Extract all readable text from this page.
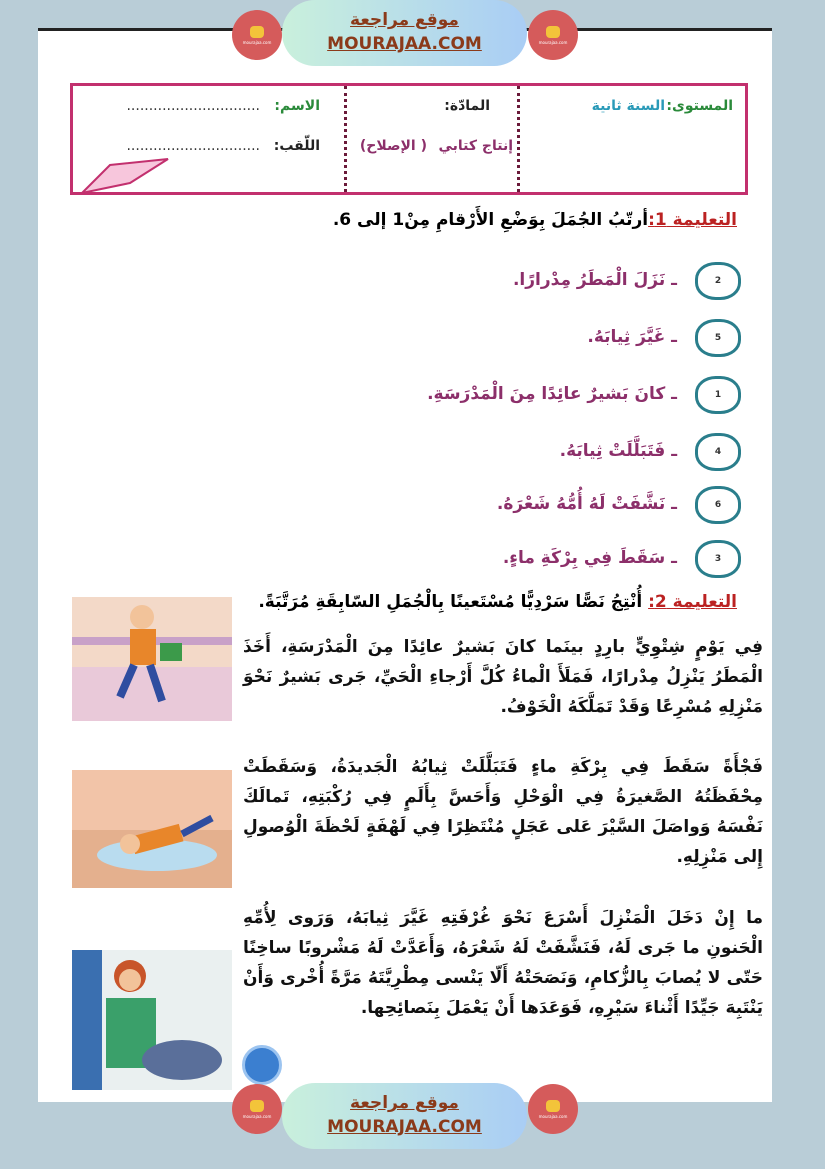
mourajaa.com
موقع مراجعة
MOURAJAA.COM	mourajaa.com
المستوى:
السنة ثانية
المادّة:
إنتاج كتابي
( الإصلاح)
الاسم:
..............................
اللّقب:
..............................
التعليمة 1:أرتّبُ الجُمَلَ بِوَضْعِ الأَرْقامِ مِنْ1 إلى 6.
2
ـ نَزَلَ الْمَطَرُ مِدْرارًا.
5
ـ غَيَّرَ ثِيابَهُ.
1
ـ كانَ بَشيرٌ عائِدًا مِنَ الْمَدْرَسَةِ.
4
ـ فَتَبَلَّلَتْ ثِيابَهُ.
6
ـ نَشَّفَتْ لَهُ أُمُّهُ شَعْرَهُ.
3
ـ سَقَطَ فِي بِرْكَةِ ماءٍ.
التعليمة 2: أُنْتِجُ نَصًّا سَرْدِيًّا مُسْتَعينًا بِالْجُمَلِ السّابِقَةِ مُرَتَّبَةً.
فِي يَوْمٍ شِتْوِيٍّ بارِدٍ بينَما كانَ بَشيرٌ عائِدًا مِنَ الْمَدْرَسَةِ، أَخَذَ الْمَطَرُ يَنْزِلُ مِدْرارًا، فَمَلَأَ الْماءُ كُلَّ أَرْجاءِ الْحَيِّ، جَرى بَشيرٌ نَحْوَ مَنْزِلِهِ مُسْرِعًا وَقَدْ تَمَلَّكَهُ الْخَوْفُ.
فَجْأَةً سَقَطَ فِي بِرْكَةِ ماءٍ فَتَبَلَّلَتْ ثِيابُهُ الْجَديدَةُ، وَسَقَطَتْ مِحْفَظَتُهُ الصَّغيرَةُ فِي الْوَحْلِ وَأَحَسَّ بِأَلَمٍ فِي رُكْبَتِهِ، تَمالَكَ نَفْسَهُ وَواصَلَ السَّيْرَ عَلى عَجَلٍ مُنْتَظِرًا فِي لَهْفَةٍ لَحْظَةَ الْوُصولِ إِلى مَنْزِلِهِ.
ما إِنْ دَخَلَ الْمَنْزِلَ أَسْرَعَ نَحْوَ غُرْفَتِهِ غَيَّرَ ثِيابَهُ، وَرَوى لِأُمِّهِ الْحَنونِ ما جَرى لَهُ، فَنَشَّفَتْ لَهُ شَعْرَهُ، وَأَعَدَّتْ لَهُ مَشْروبًا ساخِنًا حَتّى لا يُصابَ بِالزُّكامِ، وَنَصَحَتْهُ أَلّا يَنْسى مِطْرِيَّتَهُ مَرَّةً أُخْرى وَأَنْ يَنْتَبِهَ جَيِّدًا أَثْناءَ سَيْرِهِ، فَوَعَدَها أَنْ يَعْمَلَ بِنَصائِحِها.
mourajaa.com
موقع مراجعة
MOURAJAA.COM
mourajaa.com
